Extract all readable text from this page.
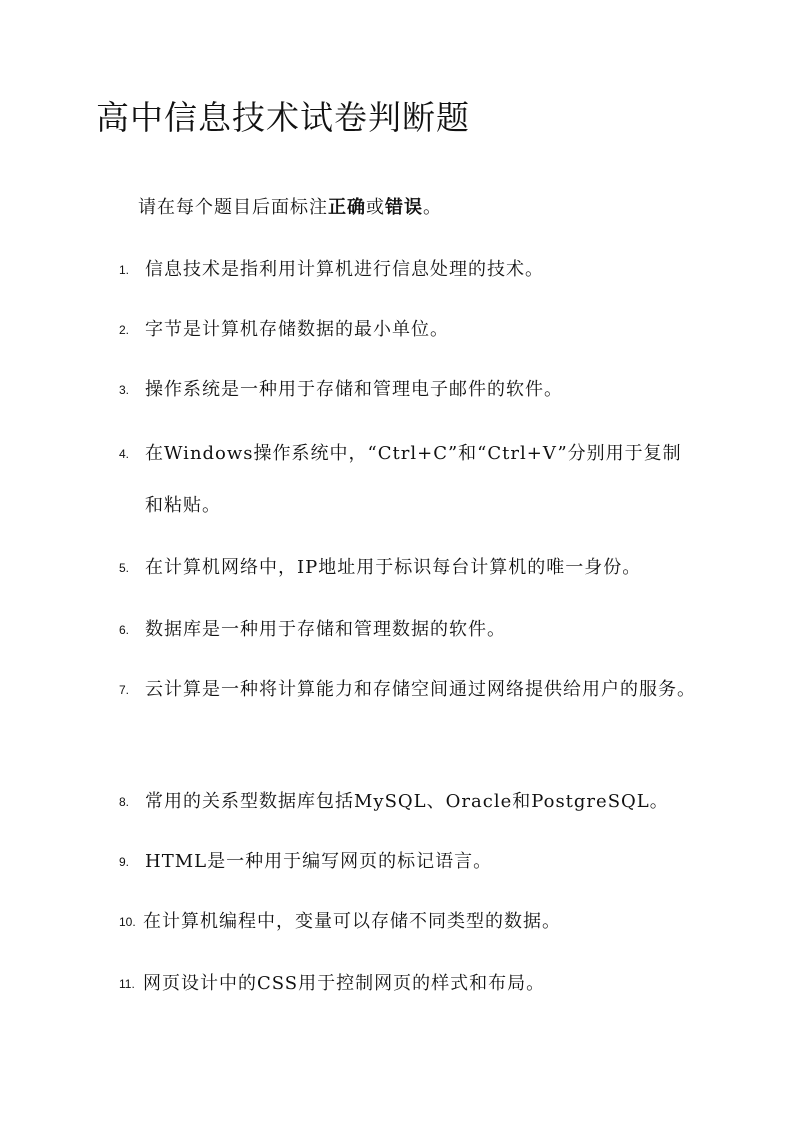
高中信息技术试卷判断题
请在每个题目后面标注正确或错误。
1. 信息技术是指利用计算机进行信息处理的技术。
2. 字节是计算机存储数据的最小单位。
3. 操作系统是一种用于存储和管理电子邮件的软件。
4. 在Windows操作系统中，“Ctrl+C”和“Ctrl+V”分别用于复制和粘贴。
5. 在计算机网络中，IP地址用于标识每台计算机的唯一身份。
6. 数据库是一种用于存储和管理数据的软件。
7. 云计算是一种将计算能力和存储空间通过网络提供给用户的服务。
8. 常用的关系型数据库包括MySQL、Oracle和PostgreSQL。
9. HTML是一种用于编写网页的标记语言。
10. 在计算机编程中，变量可以存储不同类型的数据。
11. 网页设计中的CSS用于控制网页的样式和布局。
